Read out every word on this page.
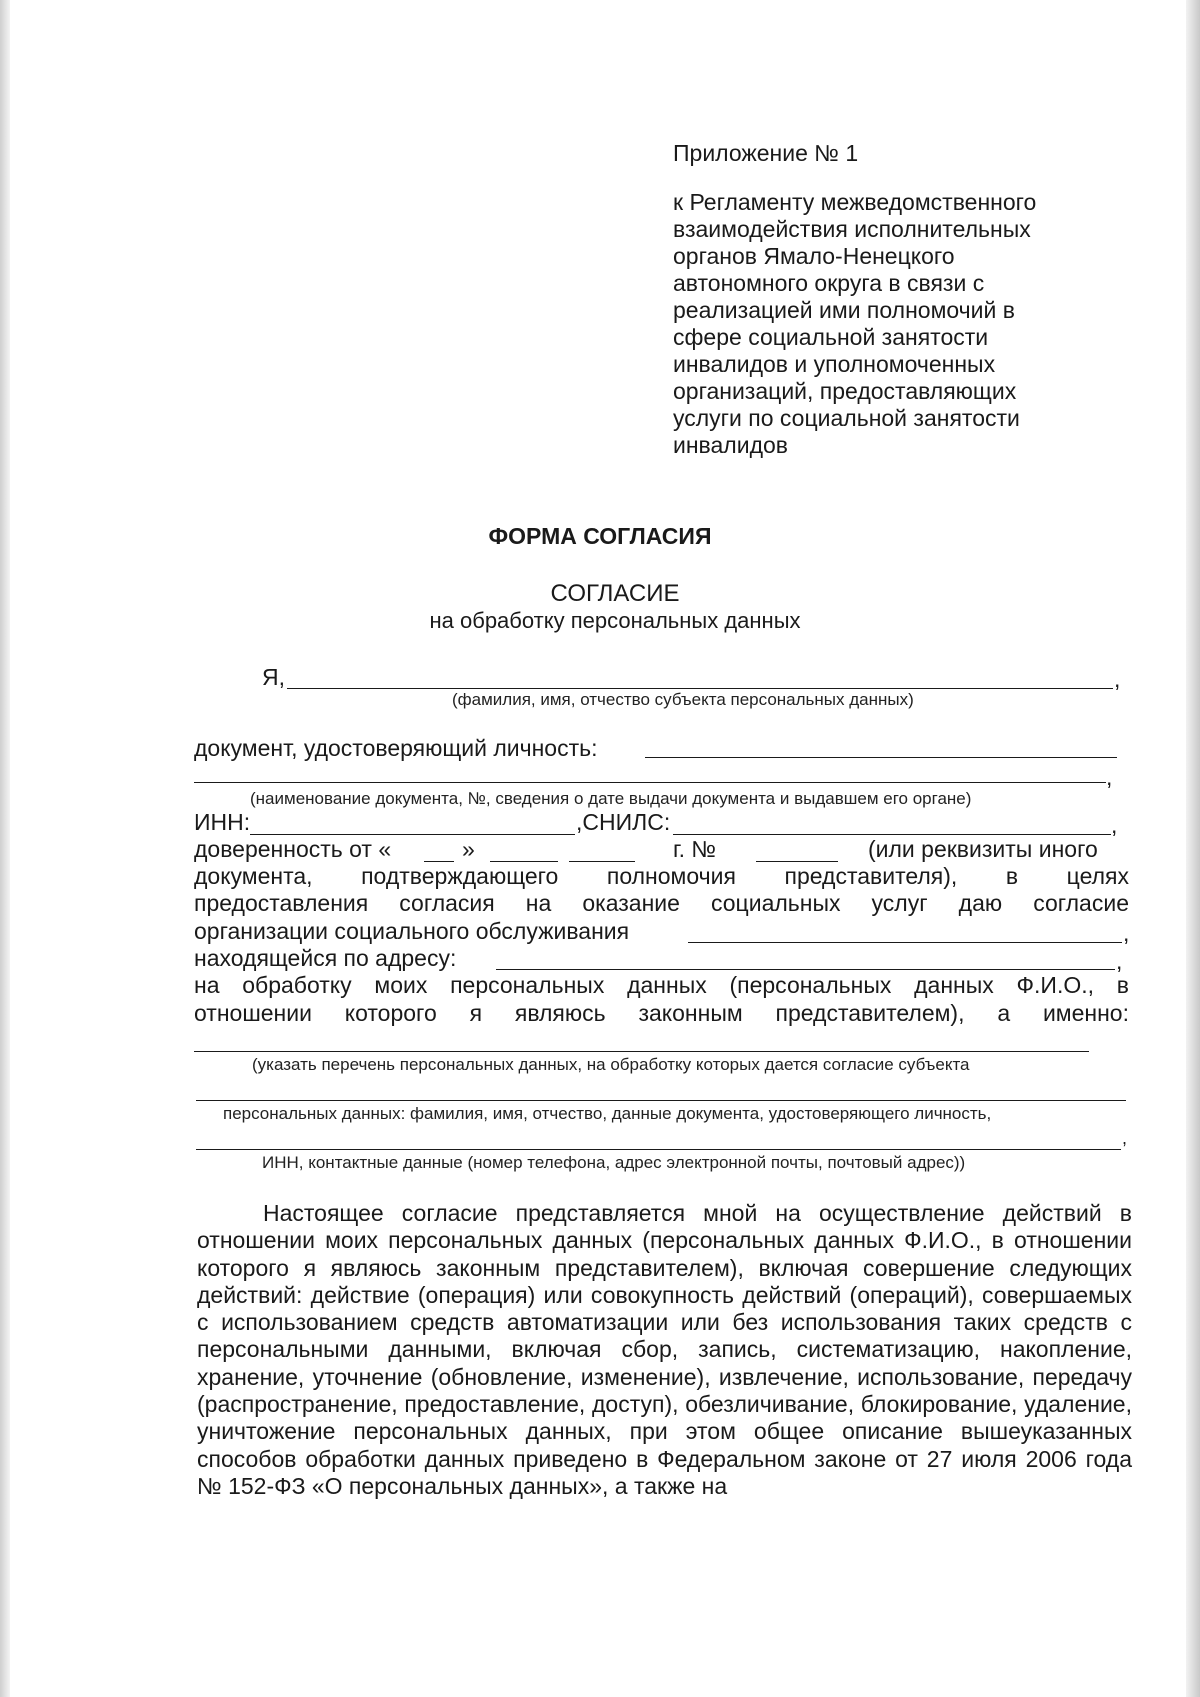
Приложение № 1
к Регламенту межведомственного
взаимодействия исполнительных
органов Ямало-Ненецкого
автономного округа в связи с
реализацией ими полномочий в
сфере социальной занятости
инвалидов и уполномоченных
организаций, предоставляющих
услуги по социальной занятости
инвалидов
ФОРМА СОГЛАСИЯ
СОГЛАСИЕ
на обработку персональных данных
Я,	,
(фамилия, имя, отчество субъекта персональных данных)
документ, удостоверяющий личность:
,
(наименование документа, №, сведения о дате выдачи документа и выдавшем его органе)
ИНН:	,СНИЛС:	,
доверенность от «	»	г. №	(или реквизиты иного
документа, подтверждающего полномочия представителя), в целях
предоставления согласия на оказание социальных услуг даю согласие
организации социального обслуживания	,
находящейся по адресу:	,
на обработку моих персональных данных (персональных данных Ф.И.О., в
отношении которого я являюсь законным представителем), а именно:
(указать перечень персональных данных, на обработку которых дается согласие субъекта
персональных данных: фамилия, имя, отчество, данные документа, удостоверяющего личность,
,
ИНН, контактные данные (номер телефона, адрес электронной почты, почтовый адрес))

Настоящее согласие представляется мной на осуществление действий в отношении моих персональных данных (персональных данных Ф.И.О., в отношении которого я являюсь законным представителем), включая совершение следующих действий: действие (операция) или совокупность действий (операций), совершаемых с использованием средств автоматизации или без использования таких средств с персональными данными, включая сбор, запись, систематизацию, накопление, хранение, уточнение (обновление, изменение), извлечение, использование, передачу (распространение, предоставление, доступ), обезличивание, блокирование, удаление, уничтожение персональных данных, при этом общее описание вышеуказанных способов обработки данных приведено в Федеральном законе от 27 июля 2006 года № 152-ФЗ «О персональных данных», а также на
